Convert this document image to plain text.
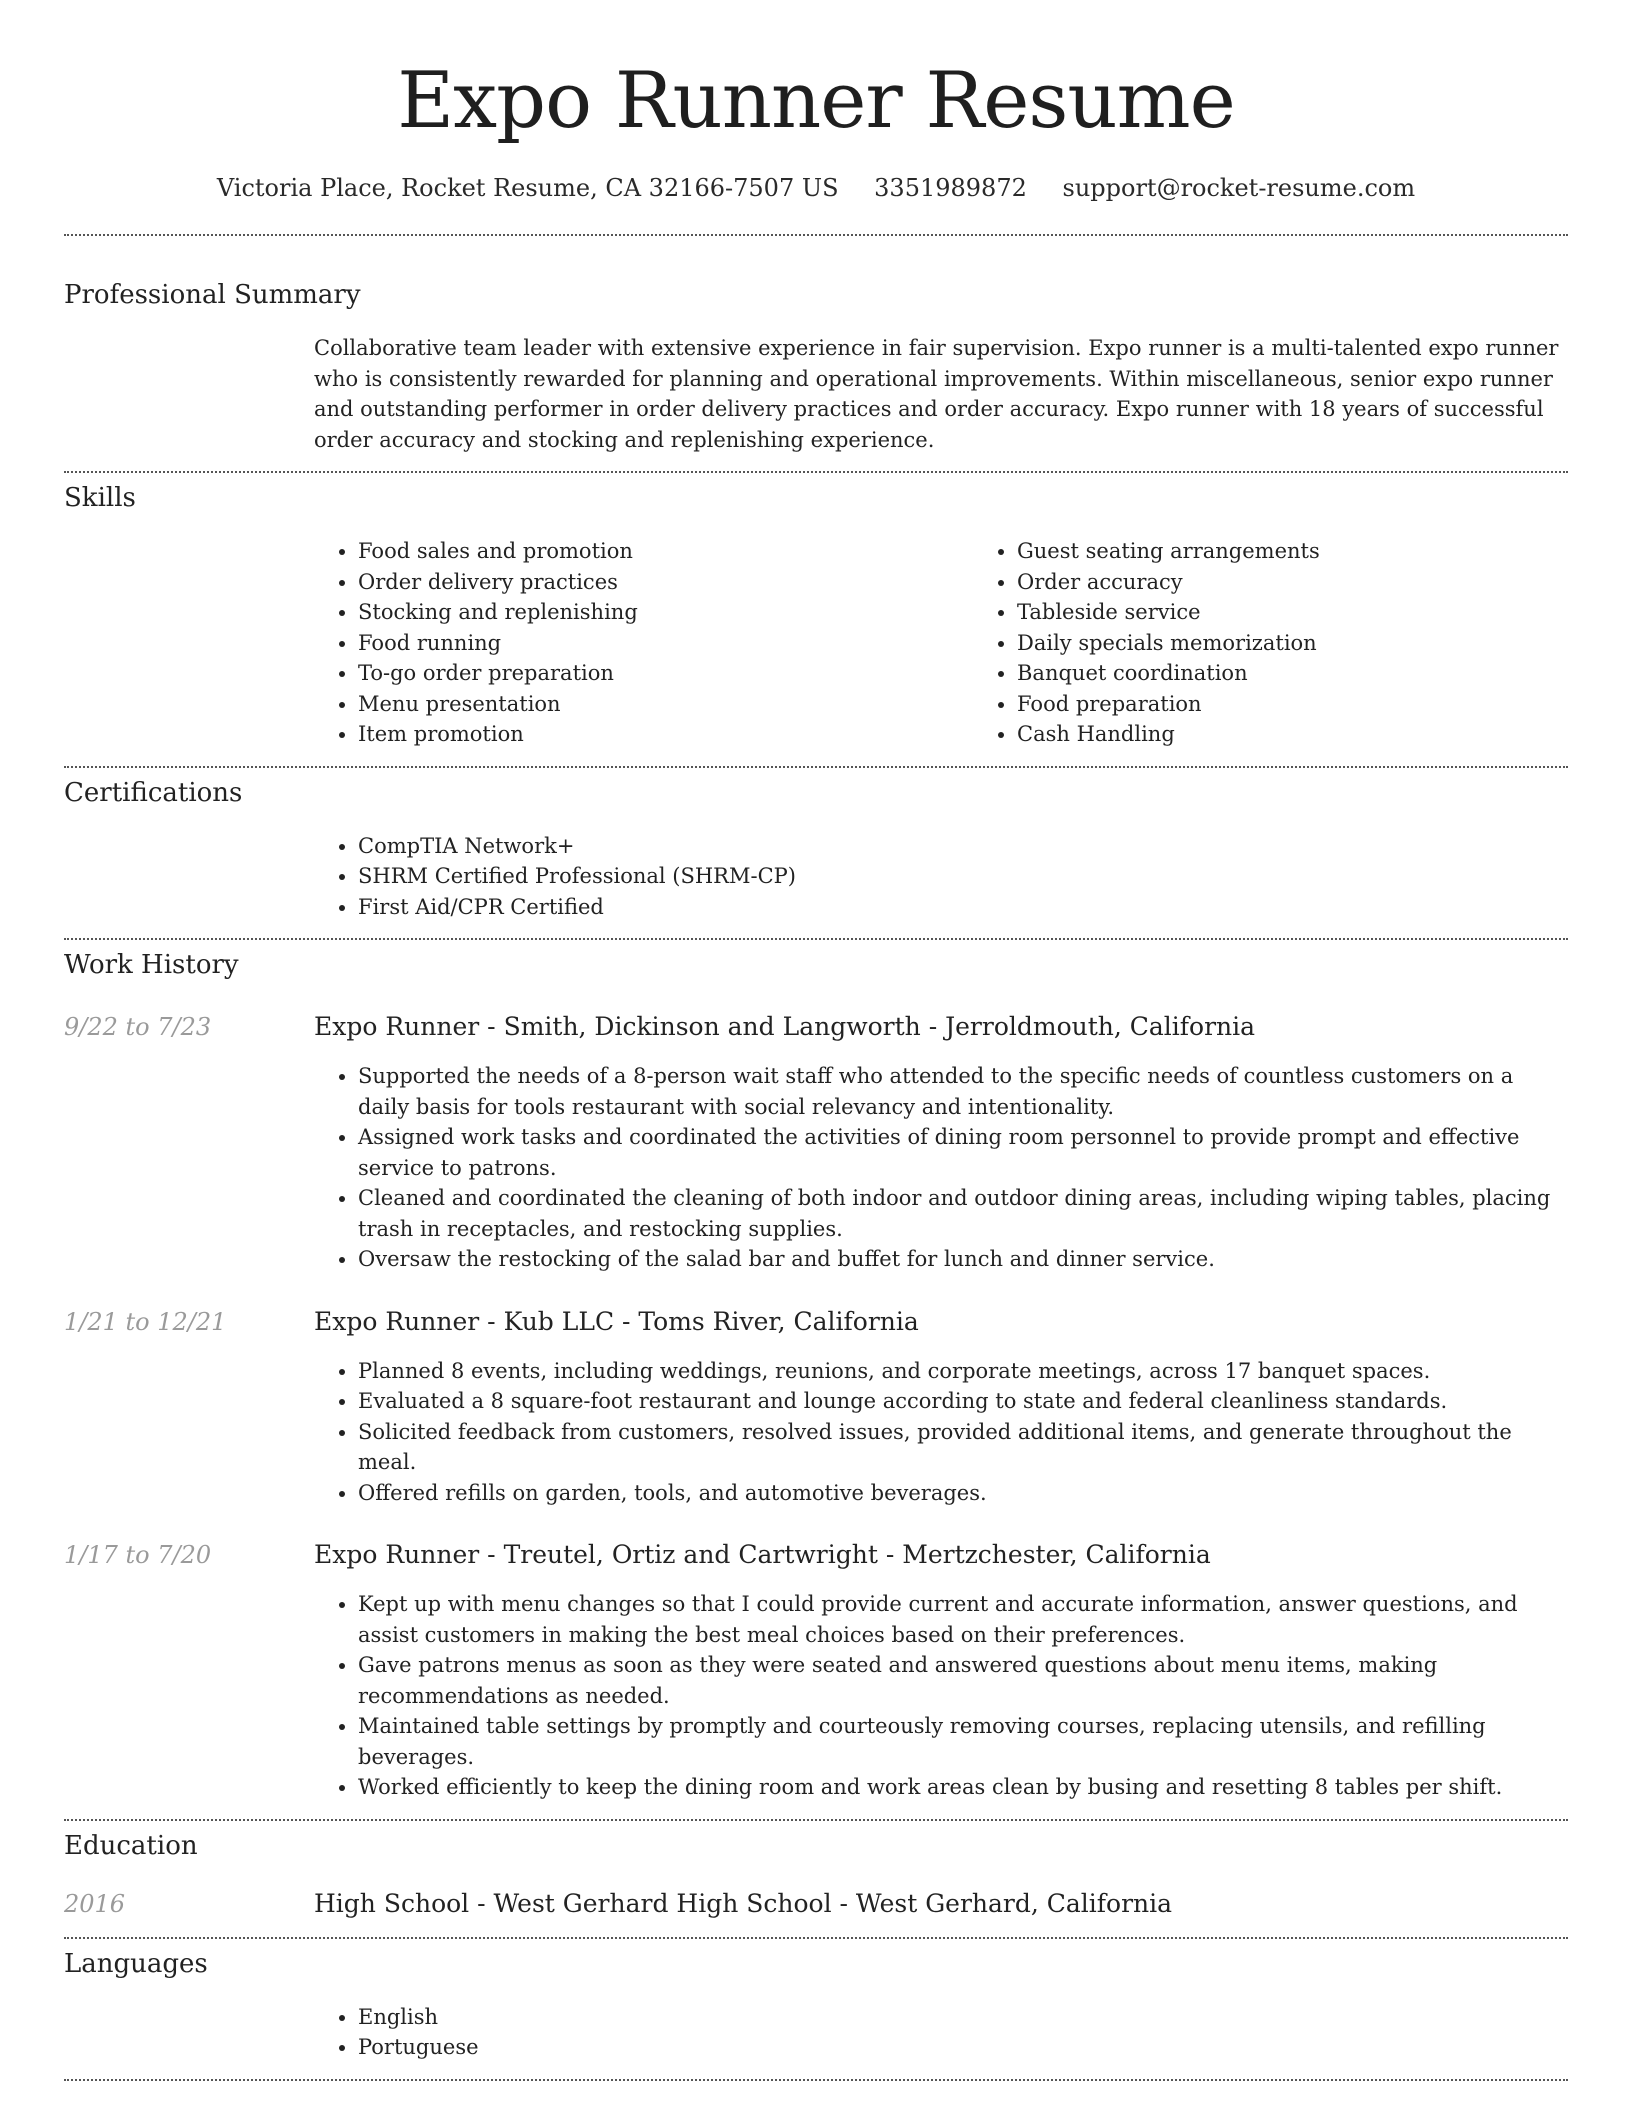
Expo Runner Resume
Victoria Place, Rocket Resume, CA 32166-7507 US 3351989872 support@rocket-resume.com
Professional Summary
Collaborative team leader with extensive experience in fair supervision. Expo runner is a multi-talented expo runner who is consistently rewarded for planning and operational improvements. Within miscellaneous, senior expo runner and outstanding performer in order delivery practices and order accuracy. Expo runner with 18 years of successful order accuracy and stocking and replenishing experience.
Skills
• Food sales and promotion
• Order delivery practices
• Stocking and replenishing
• Food running
• To-go order preparation
• Menu presentation
• Item promotion
• Guest seating arrangements
• Order accuracy
• Tableside service
• Daily specials memorization
• Banquet coordination
• Food preparation
• Cash Handling
Certifications
• CompTIA Network+
• SHRM Certified Professional (SHRM-CP)
• First Aid/CPR Certified
Work History
9/22 to 7/23	Expo Runner - Smith, Dickinson and Langworth - Jerroldmouth, California
• Supported the needs of a 8-person wait staff who attended to the specific needs of countless customers on a daily basis for tools restaurant with social relevancy and intentionality.
• Assigned work tasks and coordinated the activities of dining room personnel to provide prompt and effective service to patrons.
• Cleaned and coordinated the cleaning of both indoor and outdoor dining areas, including wiping tables, placing trash in receptacles, and restocking supplies.
• Oversaw the restocking of the salad bar and buffet for lunch and dinner service.
1/21 to 12/21	Expo Runner - Kub LLC - Toms River, California
• Planned 8 events, including weddings, reunions, and corporate meetings, across 17 banquet spaces.
• Evaluated a 8 square-foot restaurant and lounge according to state and federal cleanliness standards.
• Solicited feedback from customers, resolved issues, provided additional items, and generate throughout the meal.
• Offered refills on garden, tools, and automotive beverages.
1/17 to 7/20	Expo Runner - Treutel, Ortiz and Cartwright - Mertzchester, California
• Kept up with menu changes so that I could provide current and accurate information, answer questions, and assist customers in making the best meal choices based on their preferences.
• Gave patrons menus as soon as they were seated and answered questions about menu items, making recommendations as needed.
• Maintained table settings by promptly and courteously removing courses, replacing utensils, and refilling beverages.
• Worked efficiently to keep the dining room and work areas clean by busing and resetting 8 tables per shift.
Education
2016	High School - West Gerhard High School - West Gerhard, California
Languages
• English
• Portuguese
